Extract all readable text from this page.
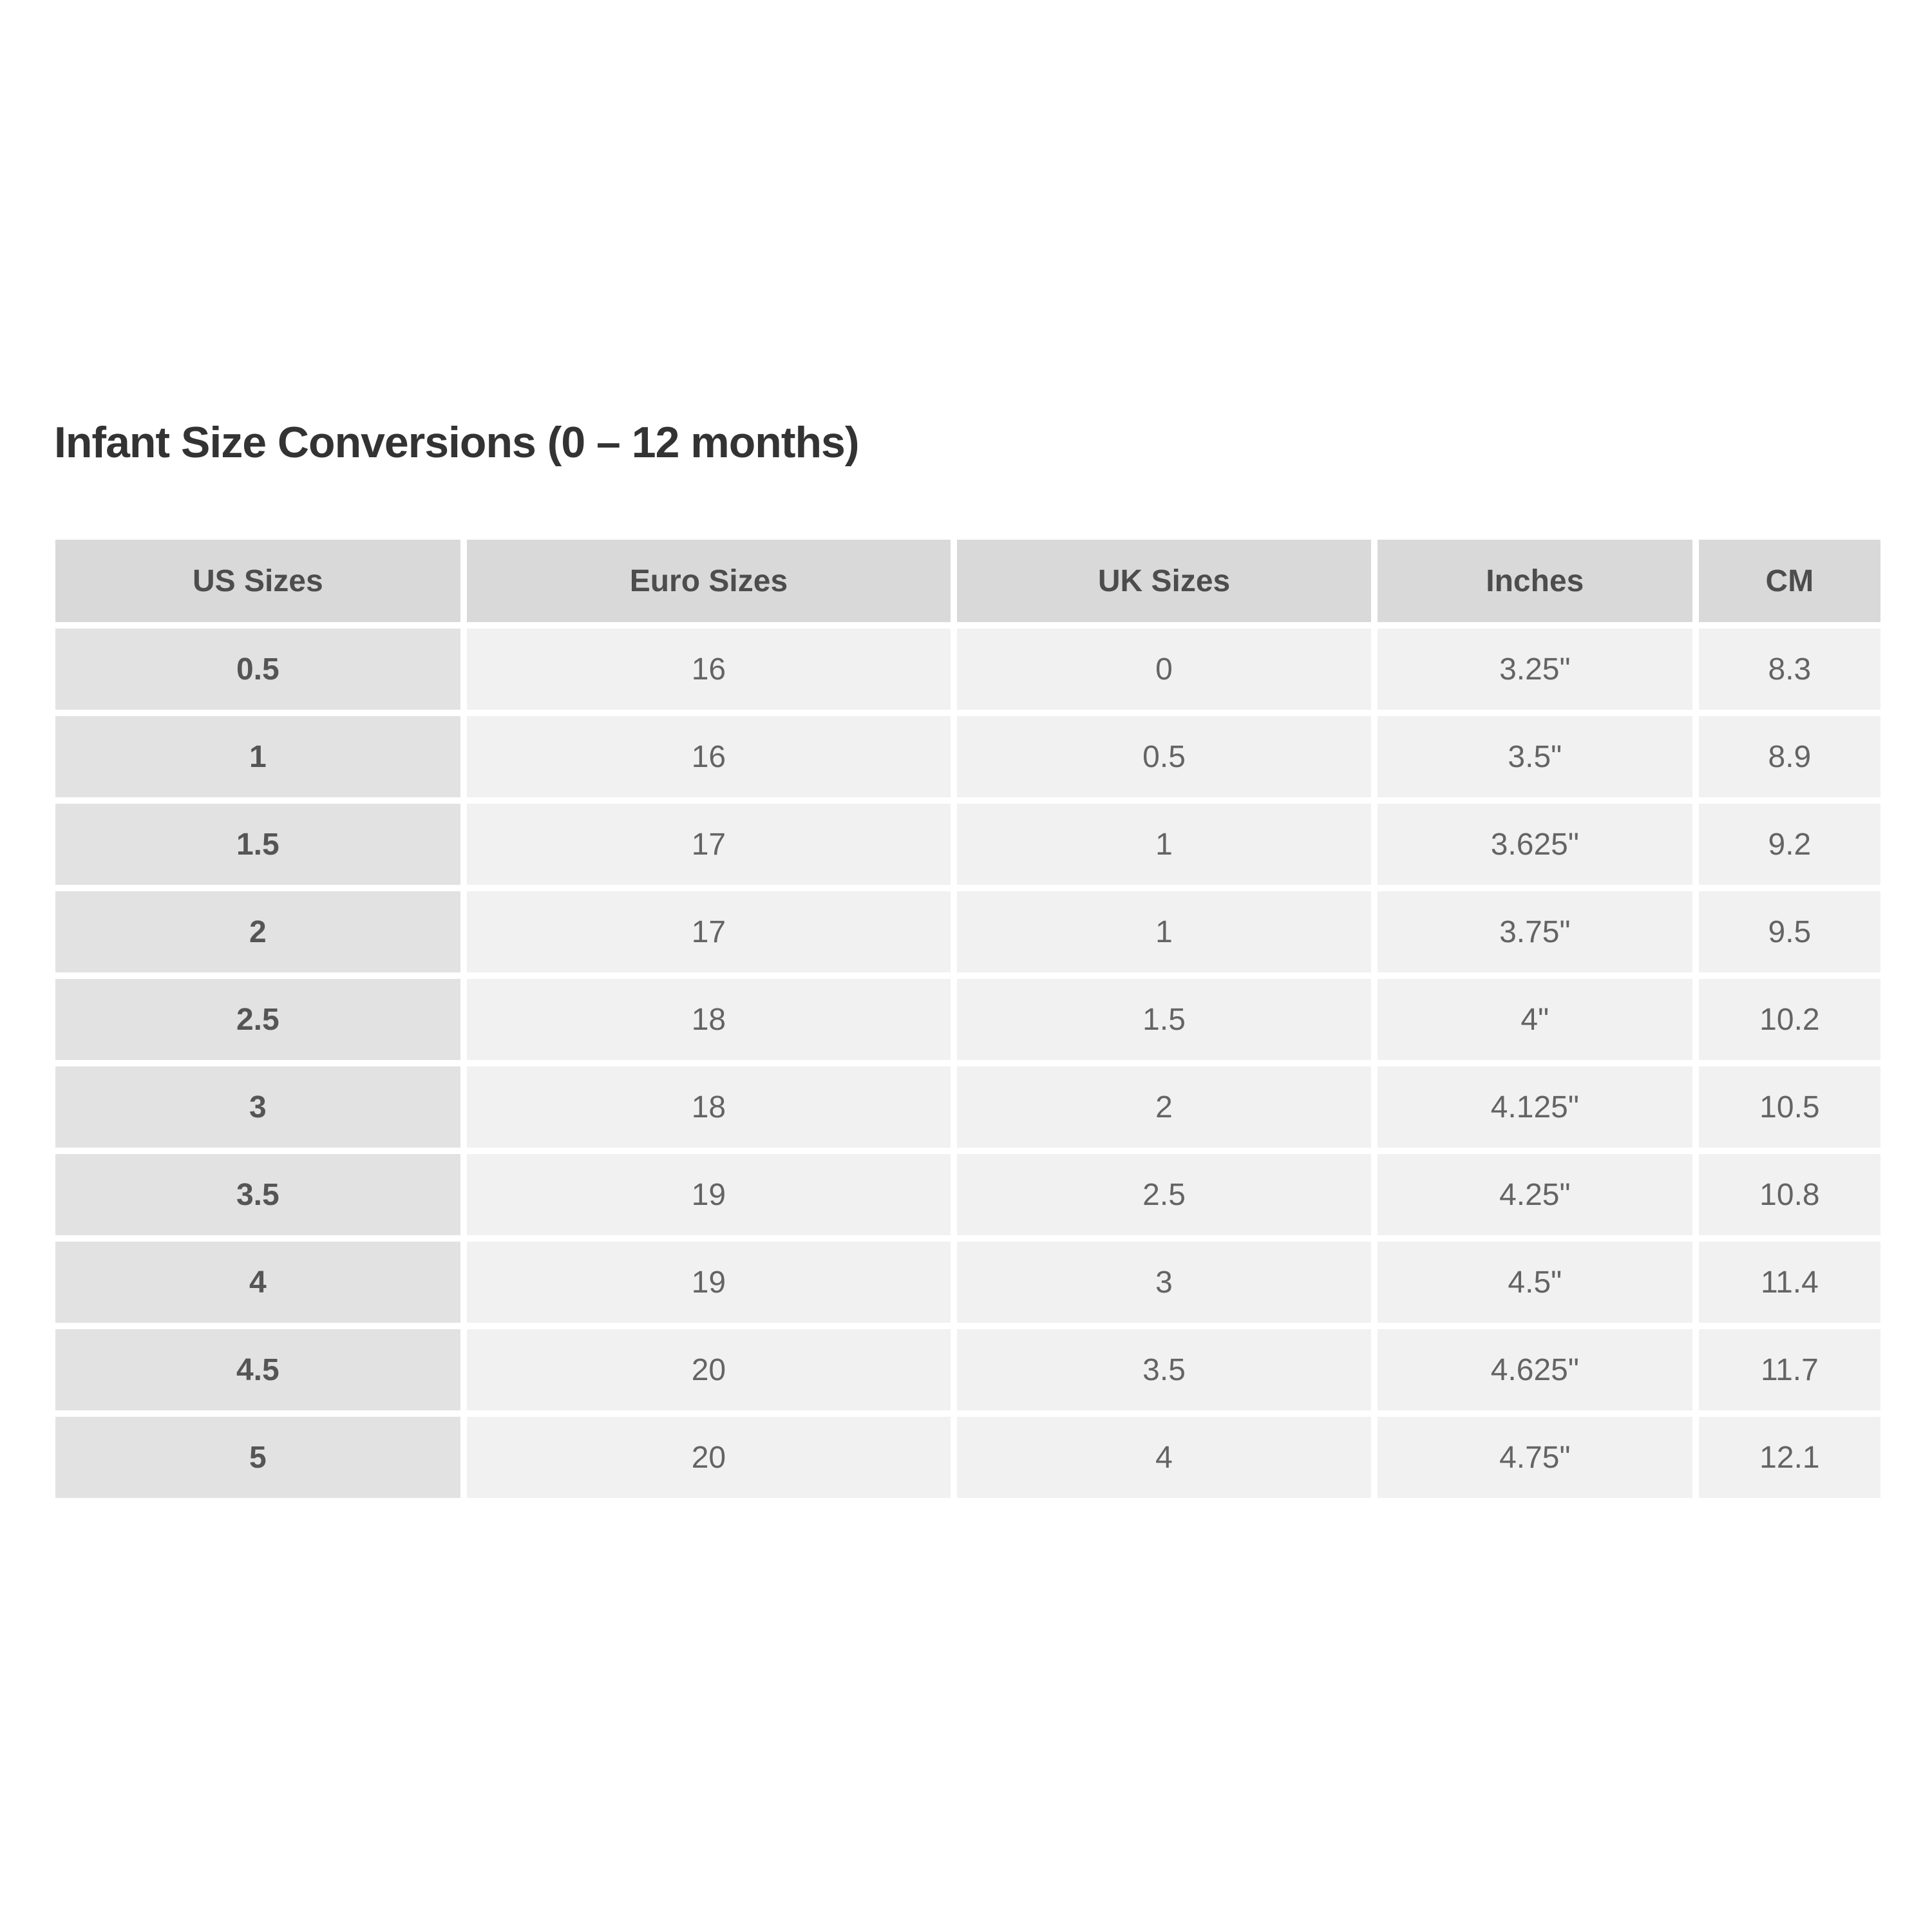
Infant Size Conversions (0 – 12 months)
US Sizes	Euro Sizes	UK Sizes	Inches	CM
0.5	16	0	3.25"	8.3
1	16	0.5	3.5"	8.9
1.5	17	1	3.625"	9.2
2	17	1	3.75"	9.5
2.5	18	1.5	4"	10.2
3	18	2	4.125"	10.5
3.5	19	2.5	4.25"	10.8
4	19	3	4.5"	11.4
4.5	20	3.5	4.625"	11.7
5	20	4	4.75"	12.1
